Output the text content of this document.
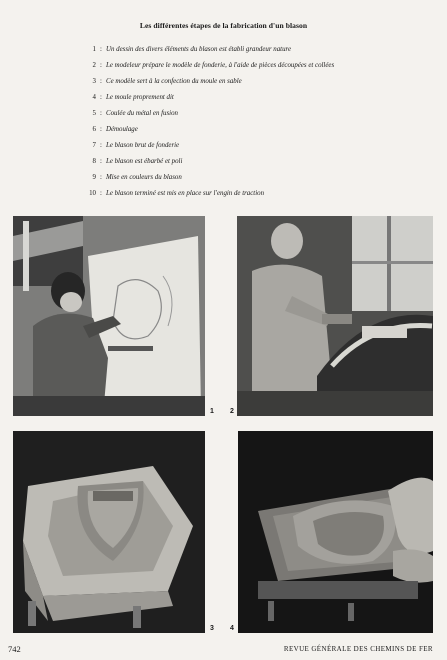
Les différentes étapes de la fabrication d'un blason
1 : Un dessin des divers éléments du blason est établi grandeur nature
2 : Le modeleur prépare le modèle de fonderie, à l'aide de pièces découpées et collées
3 : Ce modèle sert à la confection du moule en sable
4 : Le moule proprement dit
5 : Coulée du métal en fusion
6 : Démoulage
7 : Le blason brut de fonderie
8 : Le blason est ébarbé et poli
9 : Mise en couleurs du blason
10 : Le blason terminé est mis en place sur l'engin de traction
1 2
3 4
742	REVUE GÉNÉRALE DES CHEMINS DE FER
